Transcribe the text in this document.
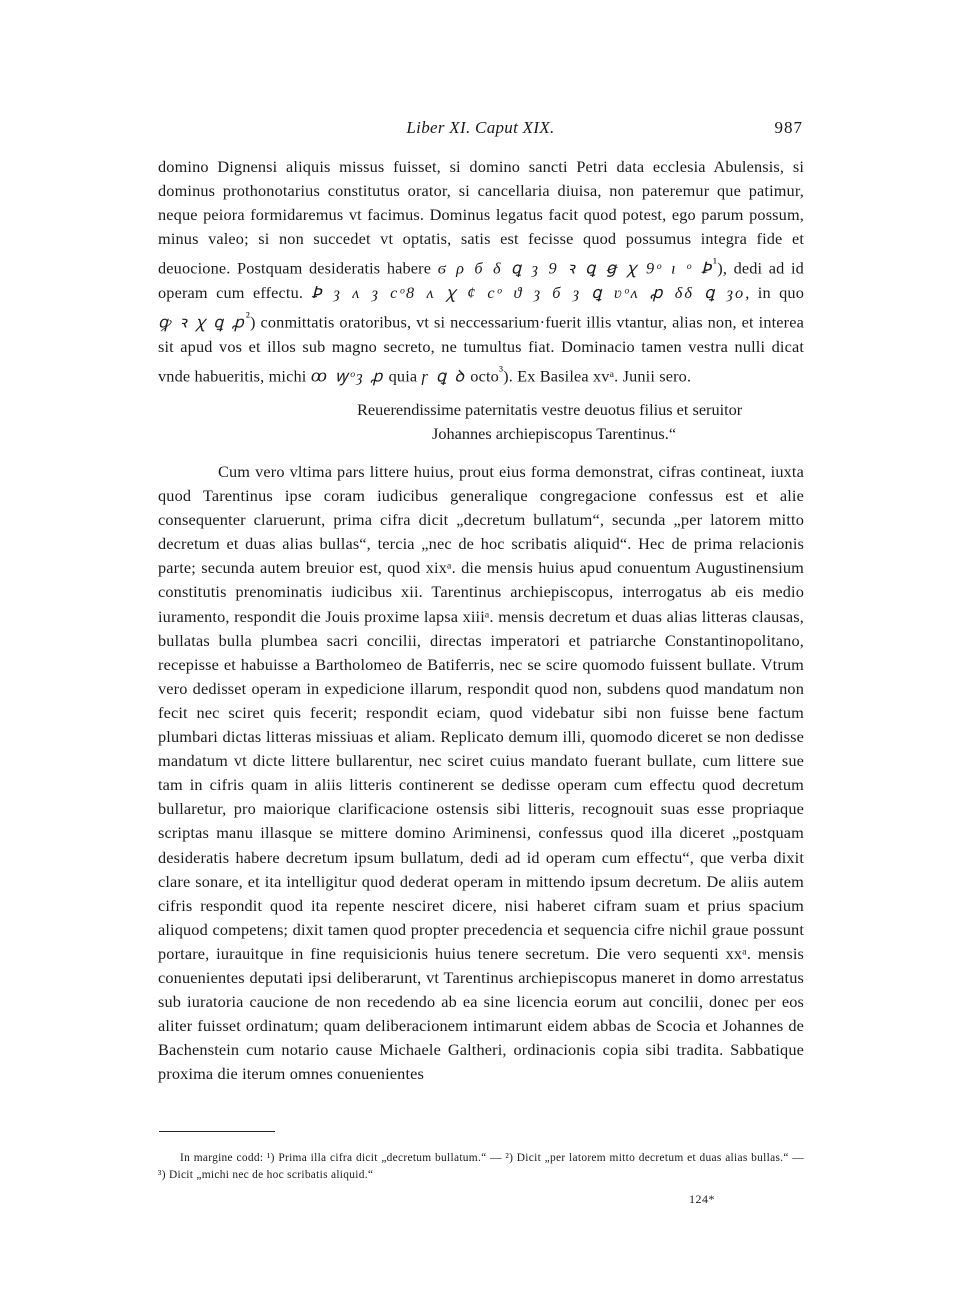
Liber XI. Caput XIX.	987

domino Dignensi aliquis missus fuisset, si domino sancti Petri data ecclesia Abulensis, si dominus prothonotarius constitutus orator, si cancellaria diuisa, non pateremur que patimur, neque peiora formidaremus vt facimus. Dominus legatus facit quod potest, ego parum possum, minus valeo; si non succedet vt optatis, satis est fecisse quod possumus integra fide et deuocione. Postquam desideratis habere ϭ ρ б δ ꝗ ȝ 9 ꝛ ꝗ ꞡ ꭓ 9ᵒ ı ᵒ Ꝧ$^{^1}$), dedi ad id operam cum effectu. Ꝧ ȝ ʌ ȝ cᵒ8 ʌ ꭓ ȼ cᵒ ϑ ȝ б ȝ ꝗ ʋᵒʌ ꝓ δδ ꝗ ȝo, in quo ꝙ ꝛ ꭓ ꝗ ꝓ$^{^2}$) conmittatis oratoribus, vt si neccessarium·fuerit illis vtantur, alias non, et interea sit apud vos et illos sub magno secreto, ne tumultus fiat. Dominacio tamen vestra nulli dicat vnde habueritis, michi ꝏ ꝡᵒȝ ꝓ quia ɼ ꝗ ꝺ octo$^{^3}$). Ex Basilea xvᵃ. Junii sero.

Reuerendissime paternitatis vestre deuotus filius et seruitor

Johannes archiepiscopus Tarentinus.“

Cum vero vltima pars littere huius, prout eius forma demonstrat, cifras contineat, iuxta quod Tarentinus ipse coram iudicibus generalique congregacione confessus est et alie consequenter claruerunt, prima cifra dicit „decretum bullatum“, secunda „per latorem mitto decretum et duas alias bullas“, tercia „nec de hoc scribatis aliquid“. Hec de prima relacionis parte; secunda autem breuior est, quod xixᵃ. die mensis huius apud conuentum Augustinensium constitutis prenominatis iudicibus xii. Tarentinus archiepiscopus, interrogatus ab eis medio iuramento, respondit die Jouis proxime lapsa xiiiᵃ. mensis decretum et duas alias litteras clausas, bullatas bulla plumbea sacri concilii, directas imperatori et patriarche Constantinopolitano, recepisse et habuisse a Bartholomeo de Batiferris, nec se scire quomodo fuissent bullate. Vtrum vero dedisset operam in expedicione illarum, respondit quod non, subdens quod mandatum non fecit nec sciret quis fecerit; respondit eciam, quod videbatur sibi non fuisse bene factum plumbari dictas litteras missiuas et aliam. Replicato demum illi, quomodo diceret se non dedisse mandatum vt dicte littere bullarentur, nec sciret cuius mandato fuerant bullate, cum littere sue tam in cifris quam in aliis litteris continerent se dedisse operam cum effectu quod decretum bullaretur, pro maiorique clarificacione ostensis sibi litteris, recognouit suas esse propriaque scriptas manu illasque se mittere domino Ariminensi, confessus quod illa diceret „postquam desideratis habere decretum ipsum bullatum, dedi ad id operam cum effectu“, que verba dixit clare sonare, et ita intelligitur quod dederat operam in mittendo ipsum decretum. De aliis autem cifris respondit quod ita repente nesciret dicere, nisi haberet cifram suam et prius spacium aliquod competens; dixit tamen quod propter precedencia et sequencia cifre nichil graue possunt portare, iurauitque in fine requisicionis huius tenere secretum. Die vero sequenti xxᵃ. mensis conuenientes deputati ipsi deliberarunt, vt Tarentinus archiepiscopus maneret in domo arrestatus sub iuratoria caucione de non recedendo ab ea sine licencia eorum aut concilii, donec per eos aliter fuisset ordinatum; quam deliberacionem intimarunt eidem abbas de Scocia et Johannes de Bachenstein cum notario cause Michaele Galtheri, ordinacionis copia sibi tradita. Sabbatique proxima die iterum omnes conuenientes

In margine codd: ¹) Prima illa cifra dicit „decretum bullatum.“ — ²) Dicit „per latorem mitto decretum et duas alias bullas.“ — ³) Dicit „michi nec de hoc scribatis aliquid.“

124*
